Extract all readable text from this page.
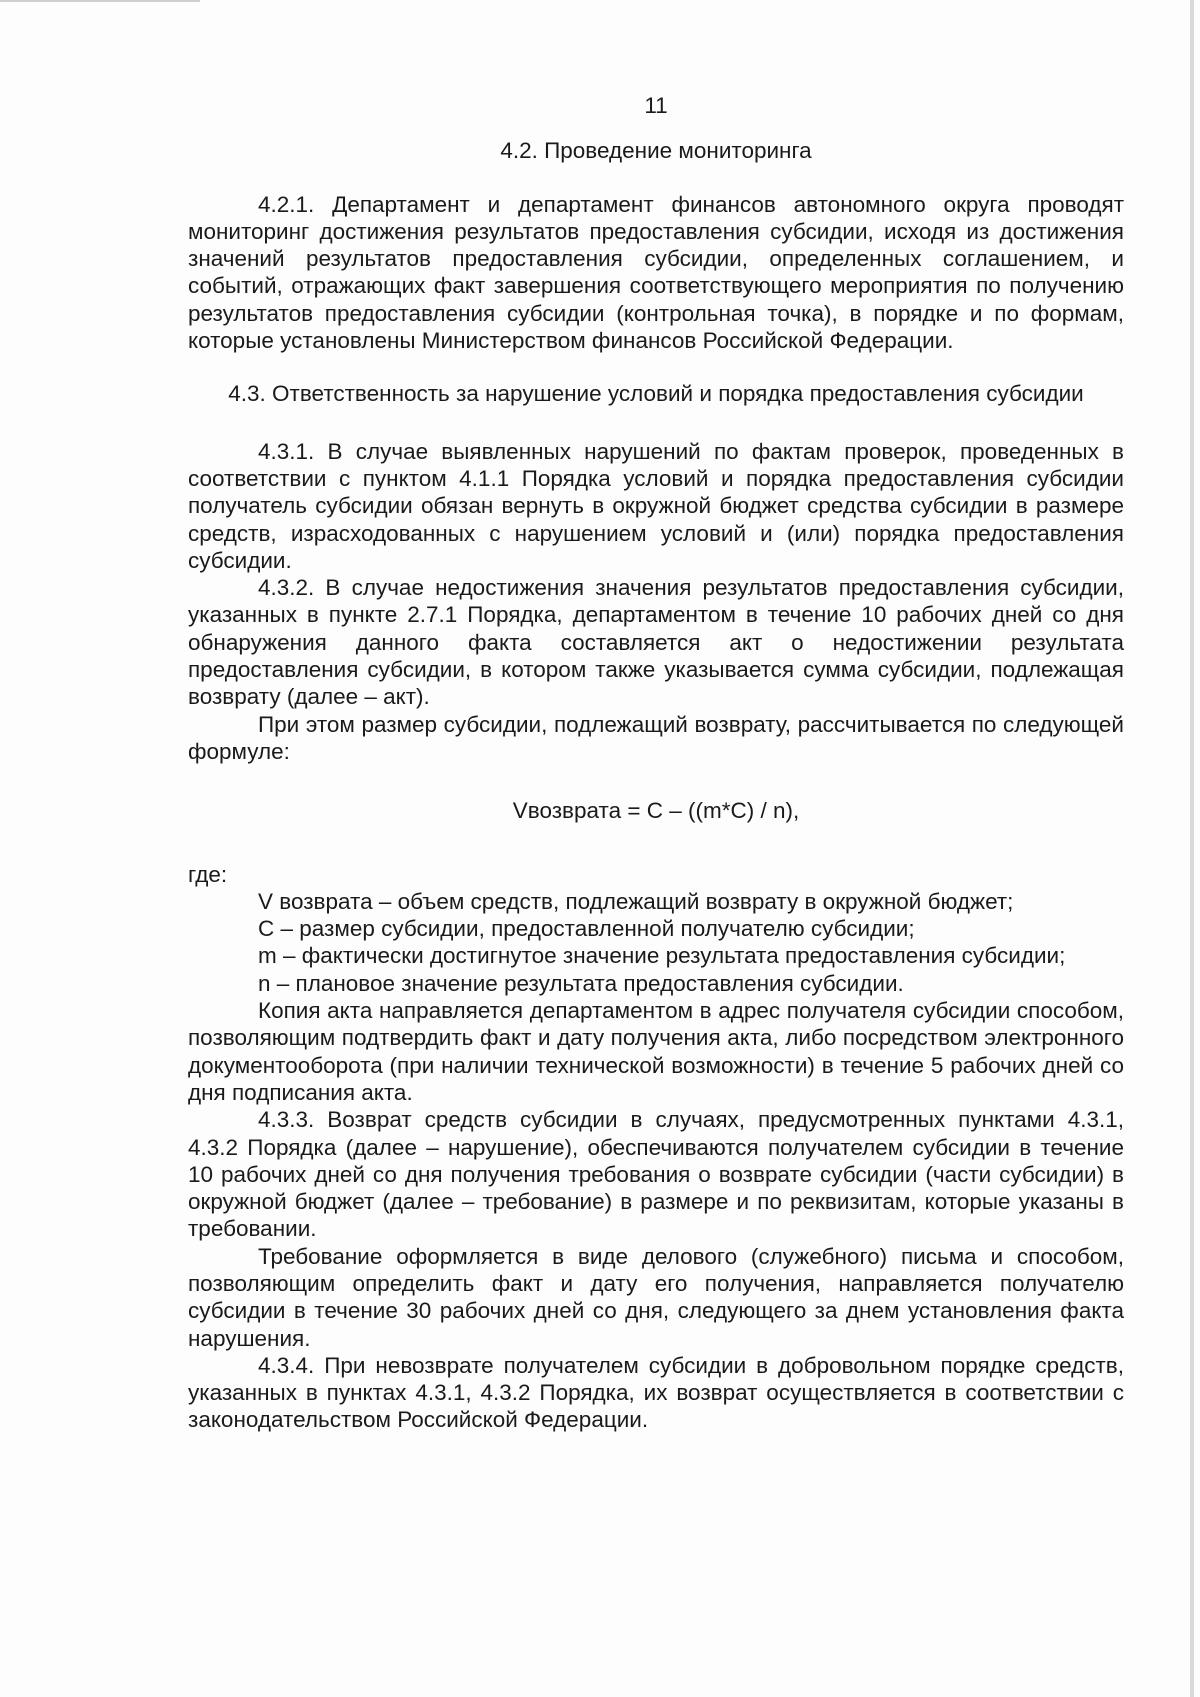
11
4.2. Проведение мониторинга

4.2.1. Департамент и департамент финансов автономного округа проводят мониторинг достижения результатов предоставления субсидии, исходя из достижения значений результатов предоставления субсидии, определенных соглашением, и событий, отражающих факт завершения соответствующего мероприятия по получению результатов предоставления субсидии (контрольная точка), в порядке и по формам, которые установлены Министерством финансов Российской Федерации.

4.3. Ответственность за нарушение условий и порядка предоставления субсидии

4.3.1. В случае выявленных нарушений по фактам проверок, проведенных в соответствии с пунктом 4.1.1 Порядка условий и порядка предоставления субсидии получатель субсидии обязан вернуть в окружной бюджет средства субсидии в размере средств, израсходованных с нарушением условий и (или) порядка предоставления субсидии.

4.3.2. В случае недостижения значения результатов предоставления субсидии, указанных в пункте 2.7.1 Порядка, департаментом в течение 10 рабочих дней со дня обнаружения данного факта составляется акт о недостижении результата предоставления субсидии, в котором также указывается сумма субсидии, подлежащая возврату (далее – акт).

При этом размер субсидии, подлежащий возврату, рассчитывается по следующей формуле:

Vвозврата = C – ((m*C) / n),

где:

V возврата – объем средств, подлежащий возврату в окружной бюджет;

C – размер субсидии, предоставленной получателю субсидии;

m – фактически достигнутое значение результата предоставления субсидии;

n – плановое значение результата предоставления субсидии.

Копия акта направляется департаментом в адрес получателя субсидии способом, позволяющим подтвердить факт и дату получения акта, либо посредством электронного документооборота (при наличии технической возможности) в течение 5 рабочих дней со дня подписания акта.

4.3.3. Возврат средств субсидии в случаях, предусмотренных пунктами 4.3.1, 4.3.2 Порядка (далее – нарушение), обеспечиваются получателем субсидии в течение 10 рабочих дней со дня получения требования о возврате субсидии (части субсидии) в окружной бюджет (далее – требование) в размере и по реквизитам, которые указаны в требовании.

Требование оформляется в виде делового (служебного) письма и способом, позволяющим определить факт и дату его получения, направляется получателю субсидии в течение 30 рабочих дней со дня, следующего за днем установления факта нарушения.

4.3.4. При невозврате получателем субсидии в добровольном порядке средств, указанных в пунктах 4.3.1, 4.3.2 Порядка, их возврат осуществляется в соответствии с законодательством Российской Федерации.
